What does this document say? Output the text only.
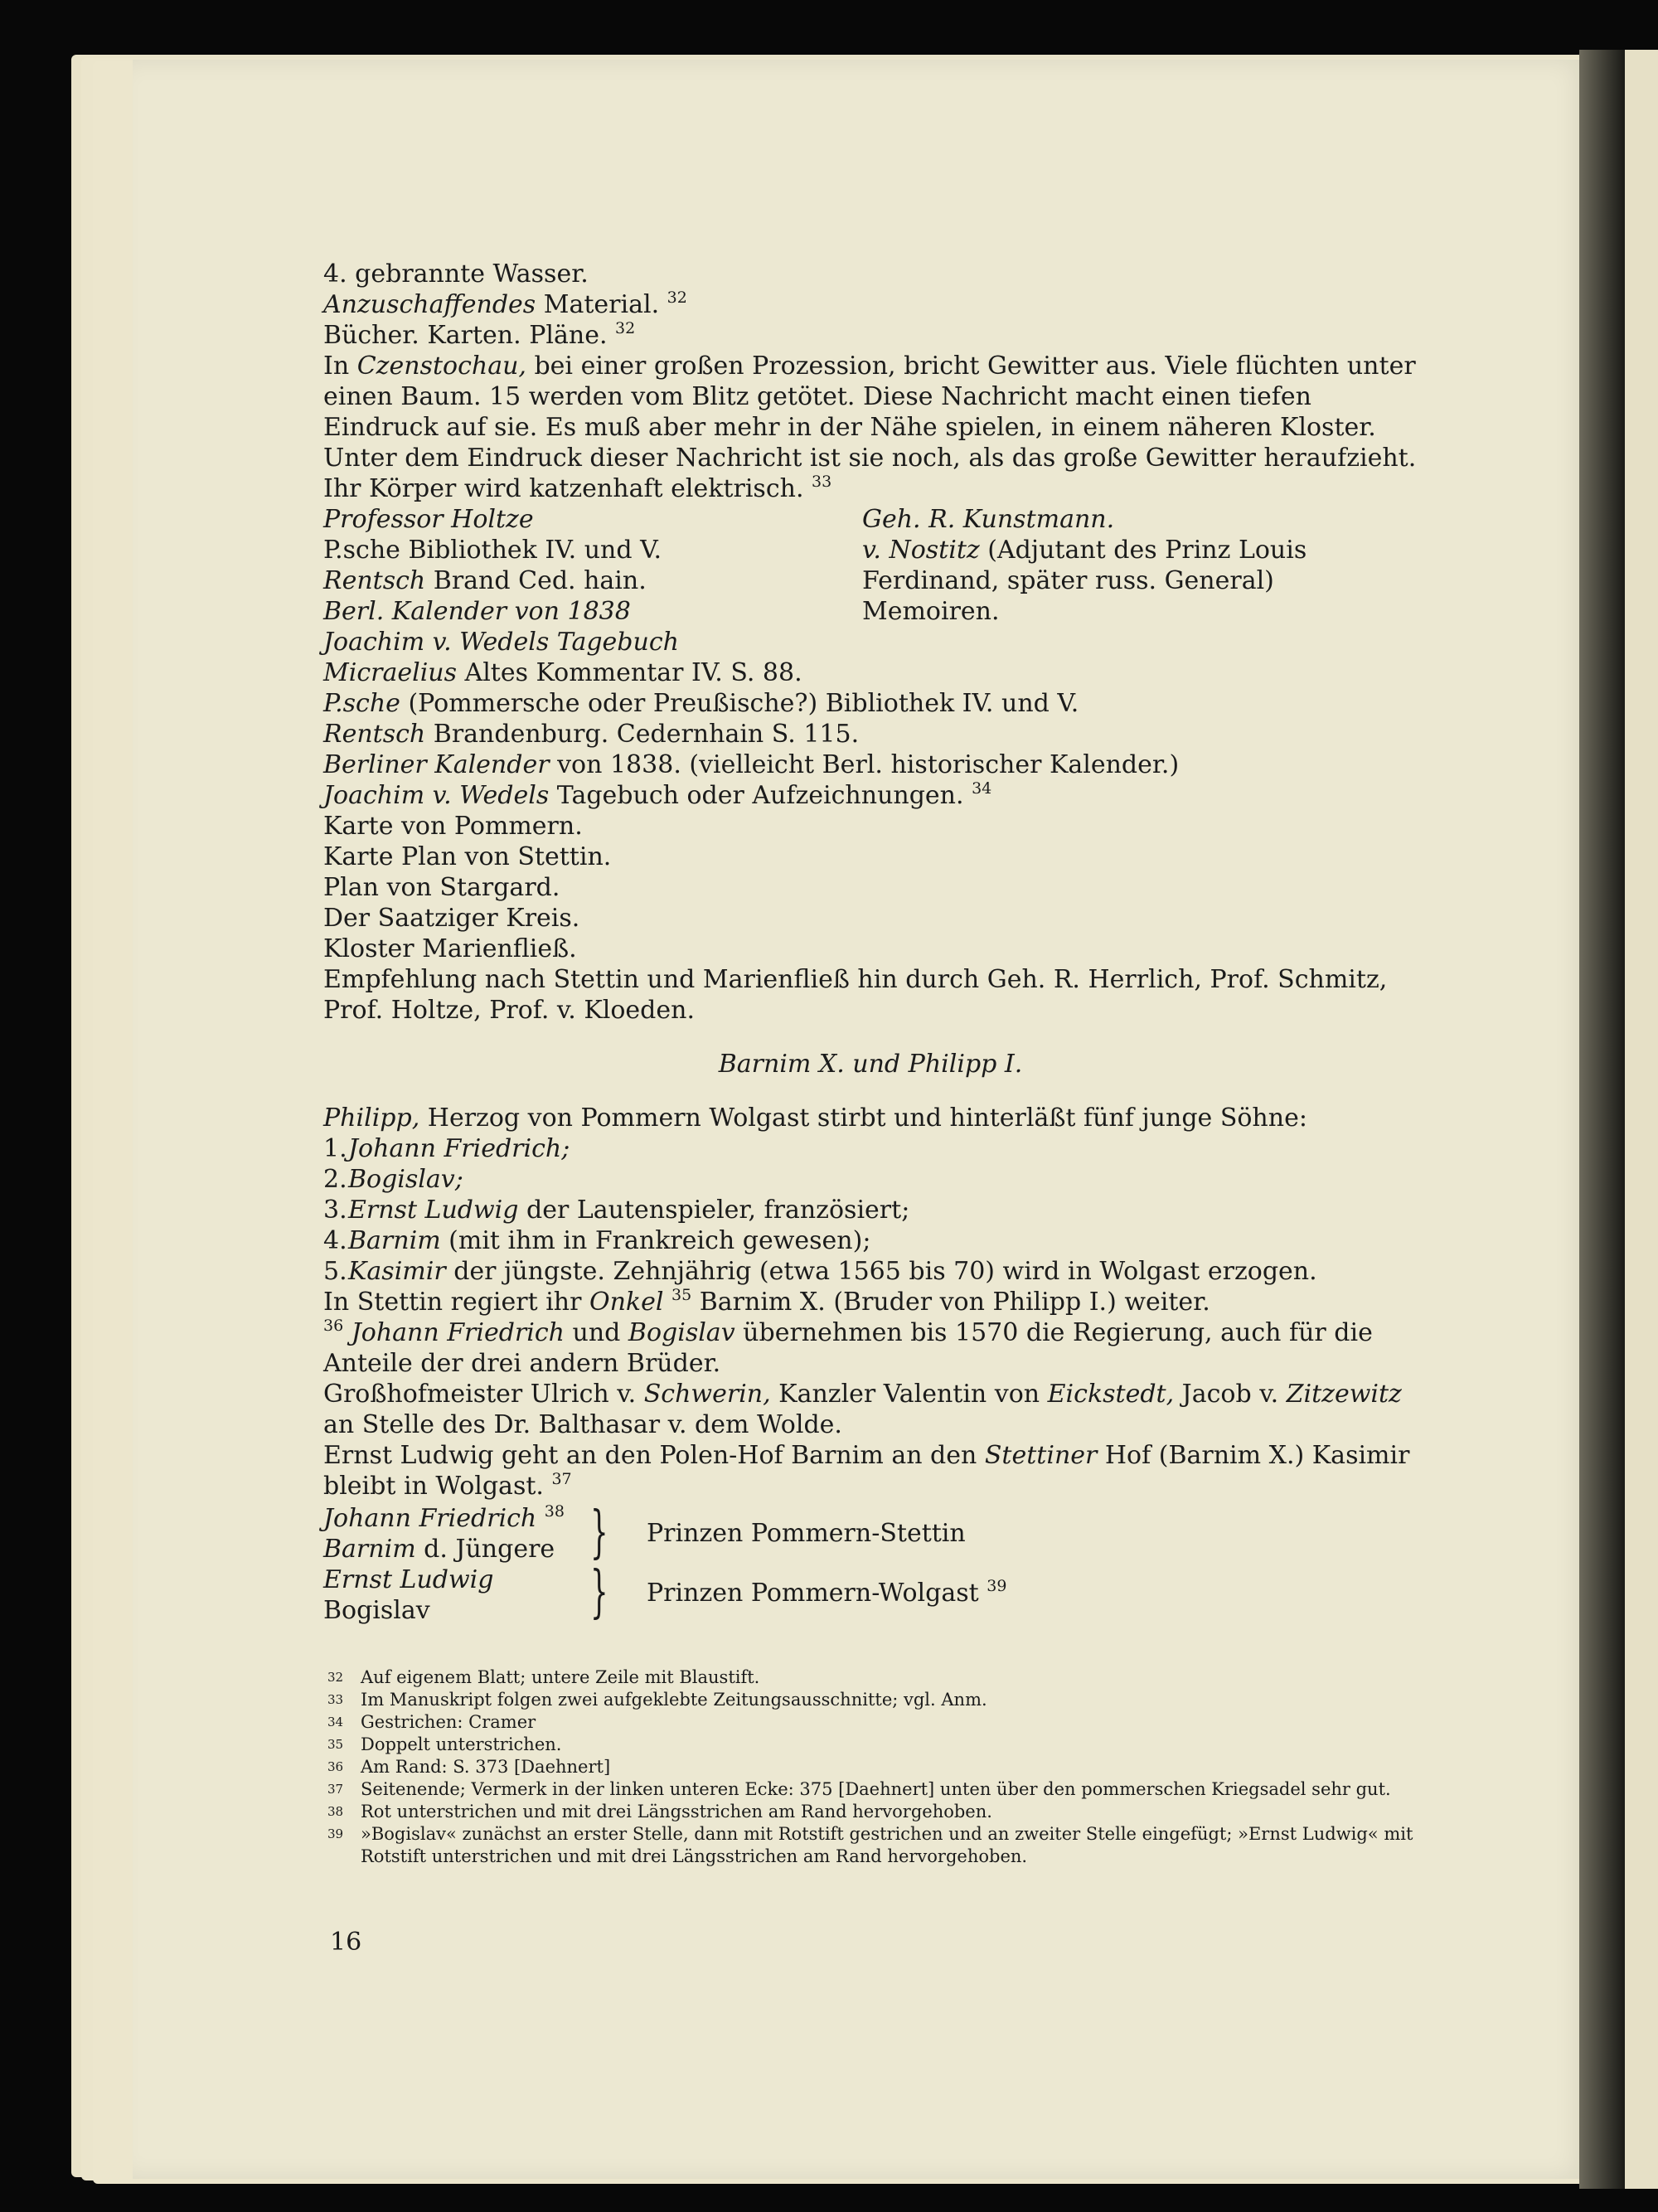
4. gebrannte Wasser.
Anzuschaffendes Material. $^{32}$
Bücher. Karten. Pläne. $^{32}$
In Czenstochau, bei einer großen Prozession, bricht Gewitter aus. Viele flüchten unter einen Baum. 15 werden vom Blitz getötet. Diese Nachricht macht einen tiefen Eindruck auf sie. Es muß aber mehr in der Nähe spielen, in einem näheren Kloster. Unter dem Eindruck dieser Nachricht ist sie noch, als das große Gewitter heraufzieht. Ihr Körper wird katzenhaft elektrisch. $^{33}$
Professor Holtze
P.sche Bibliothek IV. und V.
Rentsch Brand Ced. hain.
Berl. Kalender von 1838
Geh. R. Kunstmann.
v. Nostitz (Adjutant des Prinz Louis
Ferdinand, später russ. General)
Memoiren.
Joachim v. Wedels Tagebuch
Micraelius Altes Kommentar IV. S. 88.
P.sche (Pommersche oder Preußische?) Bibliothek IV. und V.
Rentsch Brandenburg. Cedernhain S. 115.
Berliner Kalender von 1838. (vielleicht Berl. historischer Kalender.)
Joachim v. Wedels Tagebuch oder Aufzeichnungen. $^{34}$
Karte von Pommern.
Karte Plan von Stettin.
Plan von Stargard.
Der Saatziger Kreis.
Kloster Marienfließ.
Empfehlung nach Stettin und Marienfließ hin durch Geh. R. Herrlich, Prof. Schmitz, Prof. Holtze, Prof. v. Kloeden.
Barnim X. und Philipp I.
Philipp, Herzog von Pommern Wolgast stirbt und hinterläßt fünf junge Söhne:
1.Johann Friedrich;
2.Bogislav;
3.Ernst Ludwig der Lautenspieler, französiert;
4.Barnim (mit ihm in Frankreich gewesen);
5.Kasimir der jüngste. Zehnjährig (etwa 1565 bis 70) wird in Wolgast erzogen.
In Stettin regiert ihr Onkel $^{35}$ Barnim X. (Bruder von Philipp I.) weiter.
$^{36}$ Johann Friedrich und Bogislav übernehmen bis 1570 die Regierung, auch für die Anteile der drei andern Brüder.
Großhofmeister Ulrich v. Schwerin, Kanzler Valentin von Eickstedt, Jacob v. Zitzewitz an Stelle des Dr. Balthasar v. dem Wolde.
Ernst Ludwig geht an den Polen-Hof Barnim an den Stettiner Hof (Barnim X.) Kasimir bleibt in Wolgast. $^{37}$
Johann Friedrich $^{38}$
Barnim d. Jüngere
Ernst Ludwig
Bogislav
} Prinzen Pommern-Stettin
} Prinzen Pommern-Wolgast $^{39}$
32 Auf eigenem Blatt; untere Zeile mit Blaustift.
33 Im Manuskript folgen zwei aufgeklebte Zeitungsausschnitte; vgl. Anm.
34 Gestrichen: Cramer
35 Doppelt unterstrichen.
36 Am Rand: S. 373 [Daehnert]
37 Seitenende; Vermerk in der linken unteren Ecke: 375 [Daehnert] unten über den pommerschen Kriegsadel sehr gut.
38 Rot unterstrichen und mit drei Längsstrichen am Rand hervorgehoben.
39 »Bogislav« zunächst an erster Stelle, dann mit Rotstift gestrichen und an zweiter Stelle eingefügt; »Ernst Ludwig« mit Rotstift unterstrichen und mit drei Längsstrichen am Rand hervorgehoben.
16
